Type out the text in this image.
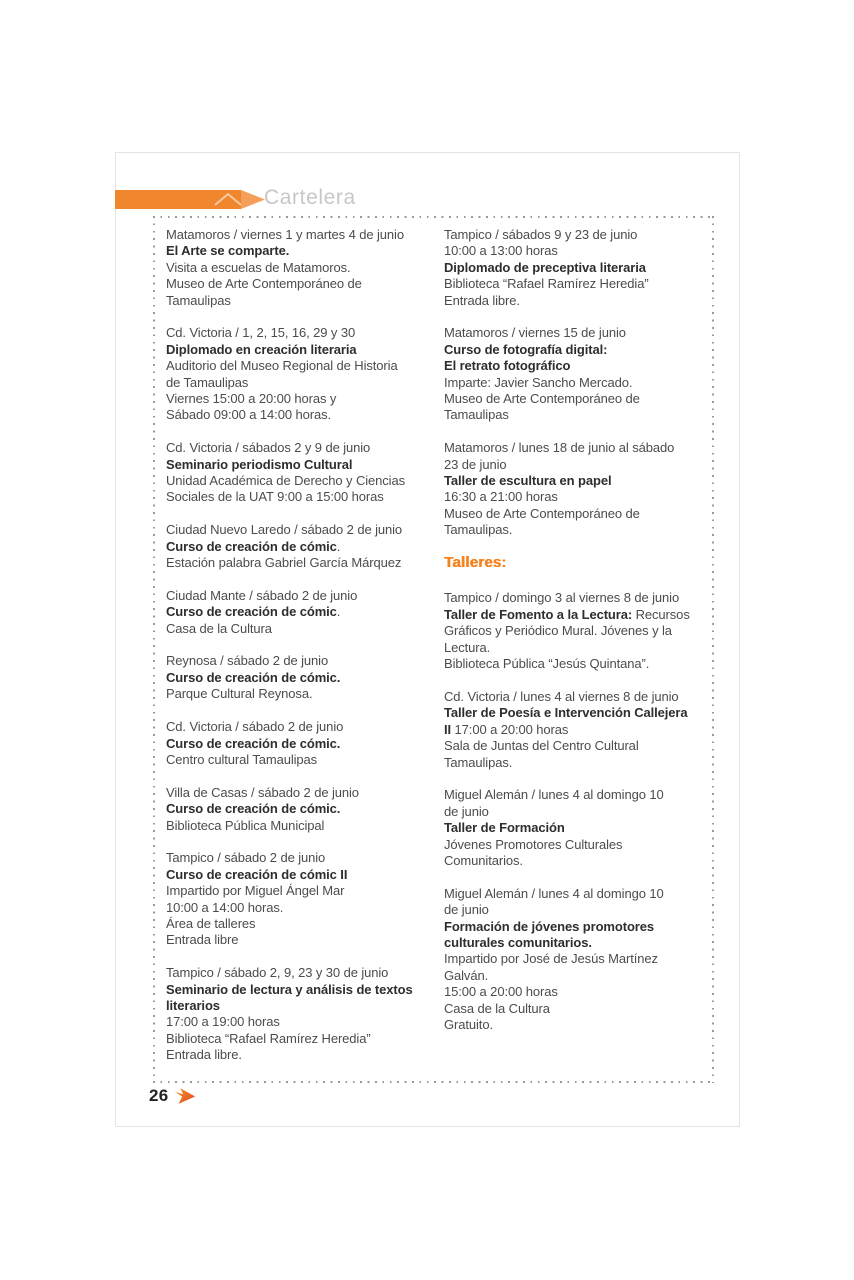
Cartelera
Matamoros / viernes 1 y martes 4 de junio
El Arte se comparte.
Visita a escuelas de Matamoros.
Museo de Arte Contemporáneo de
Tamaulipas
Cd. Victoria / 1, 2, 15, 16, 29 y 30
Diplomado en creación literaria
Auditorio del Museo Regional de Historia
de Tamaulipas
Viernes 15:00 a 20:00 horas y
Sábado 09:00 a 14:00 horas.
Cd. Victoria / sábados 2 y 9 de junio
Seminario periodismo Cultural
Unidad Académica de Derecho y Ciencias
Sociales de la UAT 9:00 a 15:00 horas
Ciudad Nuevo Laredo / sábado 2 de junio
Curso de creación de cómic.
Estación palabra Gabriel García Márquez
Ciudad Mante / sábado 2 de junio
Curso de creación de cómic.
Casa de la Cultura
Reynosa / sábado 2 de junio
Curso de creación de cómic.
Parque Cultural Reynosa.
Cd. Victoria / sábado 2 de junio
Curso de creación de cómic.
Centro cultural Tamaulipas
Villa de Casas / sábado 2 de junio
Curso de creación de cómic.
Biblioteca Pública Municipal
Tampico / sábado 2 de junio
Curso de creación de cómic II
Impartido por Miguel Ángel Mar
10:00 a 14:00 horas.
Área de talleres
Entrada libre
Tampico / sábado 2, 9, 23 y 30 de junio
Seminario de lectura y análisis de textos
literarios
17:00 a 19:00 horas
Biblioteca “Rafael Ramírez Heredia”
Entrada libre.
Tampico / sábados 9 y 23 de junio
10:00 a 13:00 horas
Diplomado de preceptiva literaria
Biblioteca “Rafael Ramírez Heredia”
Entrada libre.
Matamoros / viernes 15 de junio
Curso de fotografía digital:
El retrato fotográfico
Imparte: Javier Sancho Mercado.
Museo de Arte Contemporáneo de
Tamaulipas
Matamoros / lunes 18 de junio al sábado
23 de junio
Taller de escultura en papel
16:30 a 21:00 horas
Museo de Arte Contemporáneo de
Tamaulipas.
Talleres:
Tampico / domingo 3 al viernes 8 de junio
Taller de Fomento a la Lectura: Recursos
Gráficos y Periódico Mural. Jóvenes y la
Lectura.
Biblioteca Pública “Jesús Quintana”.
Cd. Victoria / lunes 4 al viernes 8 de junio
Taller de Poesía e Intervención Callejera
II 17:00 a 20:00 horas
Sala de Juntas del Centro Cultural
Tamaulipas.
Miguel Alemán / lunes 4 al domingo 10
de junio
Taller de Formación
Jóvenes Promotores Culturales
Comunitarios.
Miguel Alemán / lunes 4 al domingo 10
de junio
Formación de jóvenes promotores
culturales comunitarios.
Impartido por José de Jesús Martínez
Galván.
15:00 a 20:00 horas
Casa de la Cultura
Gratuito.
26
